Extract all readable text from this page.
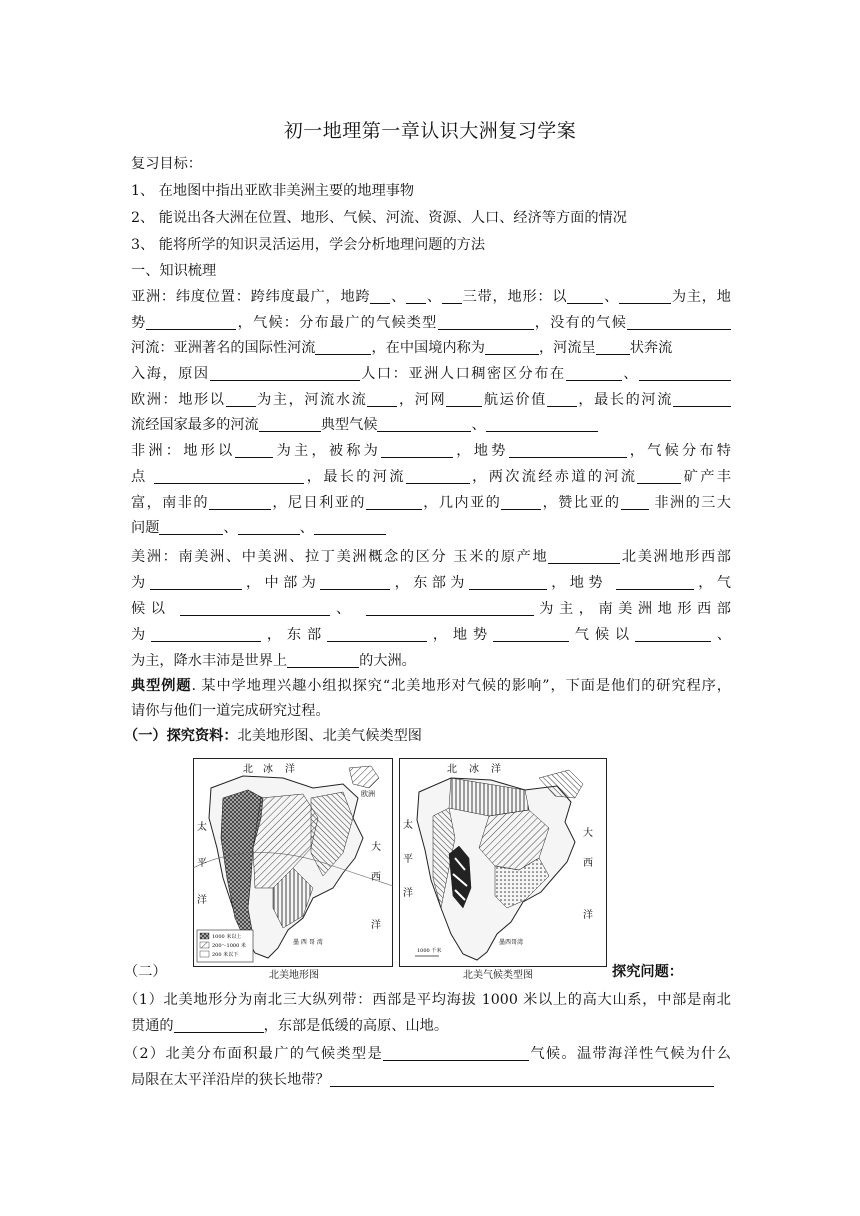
初一地理第一章认识大洲复习学案
复习目标：
1、 在地图中指出亚欧非美洲主要的地理事物
2、 能说出各大洲在位置、地形、气候、河流、资源、人口、经济等方面的情况
3、 能将所学的知识灵活运用，学会分析地理问题的方法
一、知识梳理
亚洲：纬度位置：跨纬度最广，地跨 、 、 三带，地形：以	、	为主，地
势	，气候：分布最广的气候类型	，没有的气候
河流：亚洲著名的国际性河流	，在中国境内称为	，河流呈 状奔流
入海，原因	人口：亚洲人口稠密区分布在	、
欧洲：地形以 为主，河流水流 ，河网	航运价值 ，最长的河流
流经国家最多的河流	典型气候	、
非洲：地形以	为主，被称为	，地势	，气候分布特
点	，最长的河流	，两次流经赤道的河流	矿产丰
富，南非的	，尼日利亚的	，几内亚的	，赞比亚的 非洲的三大
问题	、	、
美洲：南美洲、中美洲、拉丁美洲概念的区分 玉米的原产地	北美洲地形西部
为	，中部为	，东部为	，地势	，气
候以	、	为主，南美洲地形西部
为	，东部	，地势	气候以	、
为主，降水丰沛是世界上	的大洲。
典型例题. 某中学地理兴趣小组拟探究“北美地形对气候的影响”，下面是他们的研究程序，
请你与他们一道完成研究过程。
（一）探究资料：北美地形图、北美气候类型图
1000 米以上
200～1000 米
200 米以下
北 冰 洋
欧洲
太
平
洋
大
西
洋
墨 西 哥 湾
北 冰 洋
太
平
洋
大
西
洋
墨西哥湾
1000 千米
北美地形图	北美气候类型图
（二）	探究问题：
（1）北美地形分为南北三大纵列带：西部是平均海拔 1000 米以上的高大山系，中部是南北
贯通的	，东部是低缓的高原、山地。
（2）北美分布面积最广的气候类型是	气候。温带海洋性气候为什么
局限在太平洋沿岸的狭长地带？
